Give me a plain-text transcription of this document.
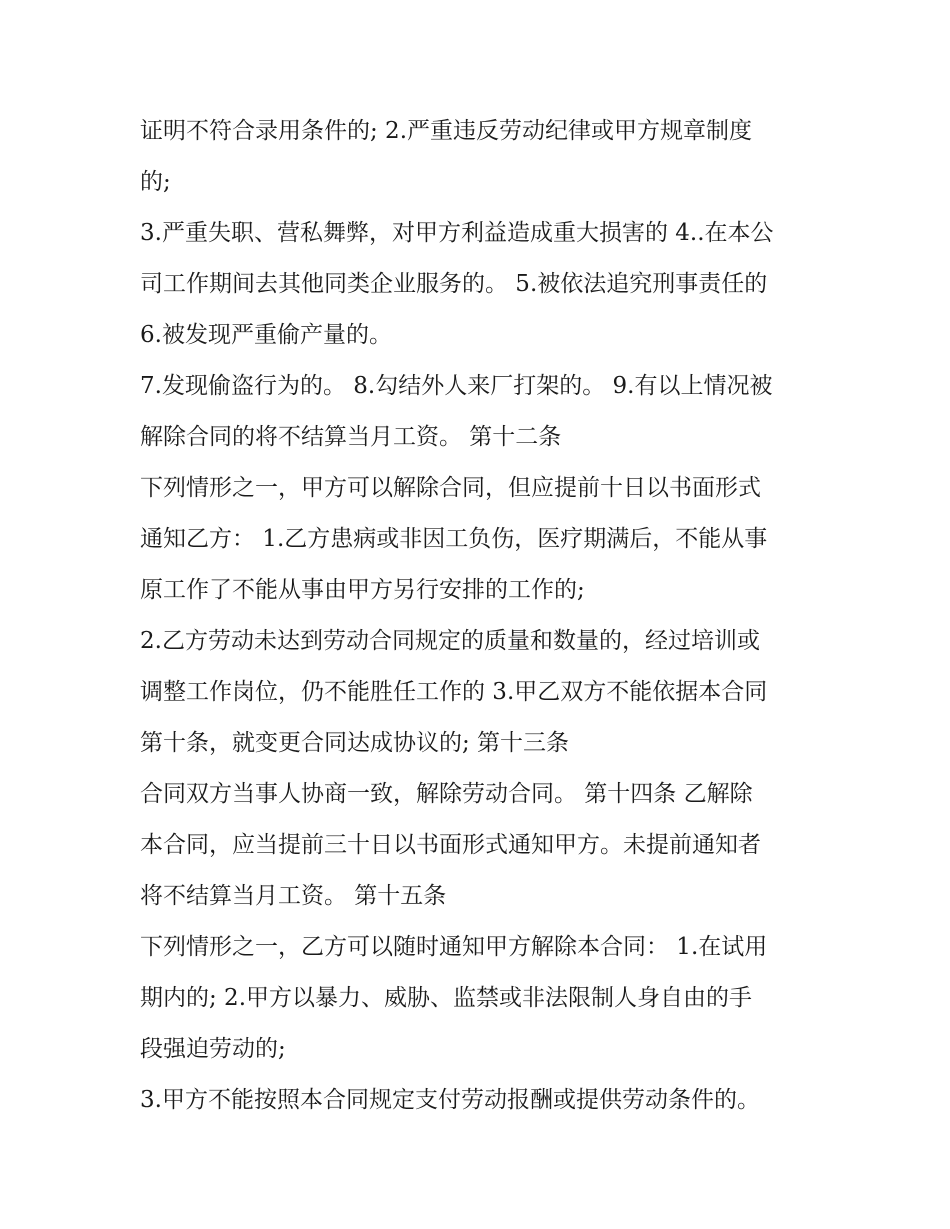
证明不符合录用条件的; 2.严重违反劳动纪律或甲方规章制度
的;
3.严重失职、营私舞弊，对甲方利益造成重大损害的 4..在本公
司工作期间去其他同类企业服务的。 5.被依法追究刑事责任的
6.被发现严重偷产量的。
7.发现偷盗行为的。 8.勾结外人来厂打架的。 9.有以上情况被
解除合同的将不结算当月工资。 第十二条
下列情形之一，甲方可以解除合同，但应提前十日以书面形式
通知乙方： 1.乙方患病或非因工负伤，医疗期满后，不能从事
原工作了不能从事由甲方另行安排的工作的;
2.乙方劳动未达到劳动合同规定的质量和数量的，经过培训或
调整工作岗位，仍不能胜任工作的 3.甲乙双方不能依据本合同
第十条，就变更合同达成协议的; 第十三条
合同双方当事人协商一致，解除劳动合同。 第十四条 乙解除
本合同，应当提前三十日以书面形式通知甲方。未提前通知者
将不结算当月工资。 第十五条
下列情形之一，乙方可以随时通知甲方解除本合同： 1.在试用
期内的; 2.甲方以暴力、威胁、监禁或非法限制人身自由的手
段强迫劳动的;
3.甲方不能按照本合同规定支付劳动报酬或提供劳动条件的。
